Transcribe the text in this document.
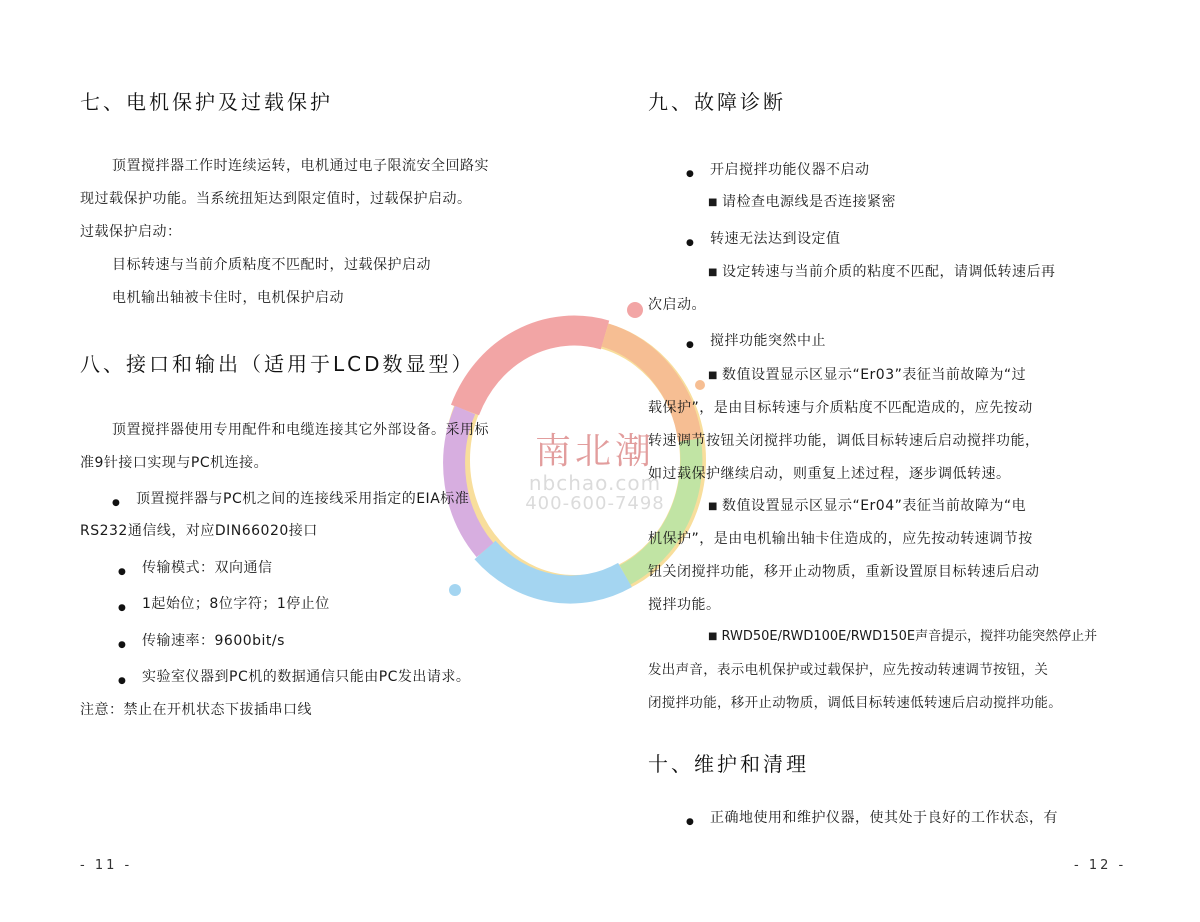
南北潮
nbchao.com
400-600-7498
七、电机保护及过载保护
顶置搅拌器工作时连续运转，电机通过电子限流安全回路实
现过载保护功能。当系统扭矩达到限定值时，过载保护启动。
过载保护启动：
目标转速与当前介质粘度不匹配时，过载保护启动
电机输出轴被卡住时，电机保护启动
八、接口和输出（适用于LCD数显型）
顶置搅拌器使用专用配件和电缆连接其它外部设备。采用标
准9针接口实现与PC机连接。
● 顶置搅拌器与PC机之间的连接线采用指定的EIA标准
RS232通信线，对应DIN66020接口
● 传输模式：双向通信
● 1起始位；8位字符；1停止位
● 传输速率：9600bit/s
● 实验室仪器到PC机的数据通信只能由PC发出请求。
注意：禁止在开机状态下拔插串口线
- 11 -
九、故障诊断
● 开启搅拌功能仪器不启动
■ 请检查电源线是否连接紧密
● 转速无法达到设定值
■ 设定转速与当前介质的粘度不匹配，请调低转速后再
次启动。
● 搅拌功能突然中止
■ 数值设置显示区显示“Er03”表征当前故障为“过
载保护”，是由目标转速与介质粘度不匹配造成的，应先按动
转速调节按钮关闭搅拌功能，调低目标转速后启动搅拌功能，
如过载保护继续启动，则重复上述过程，逐步调低转速。
■ 数值设置显示区显示“Er04”表征当前故障为“电
机保护”，是由电机输出轴卡住造成的，应先按动转速调节按
钮关闭搅拌功能，移开止动物质，重新设置原目标转速后启动
搅拌功能。
■ RWD50E/RWD100E/RWD150E声音提示，搅拌功能突然停止并
发出声音，表示电机保护或过载保护，应先按动转速调节按钮，关
闭搅拌功能，移开止动物质，调低目标转速低转速后启动搅拌功能。
十、维护和清理
● 正确地使用和维护仪器，使其处于良好的工作状态，有
- 12 -
